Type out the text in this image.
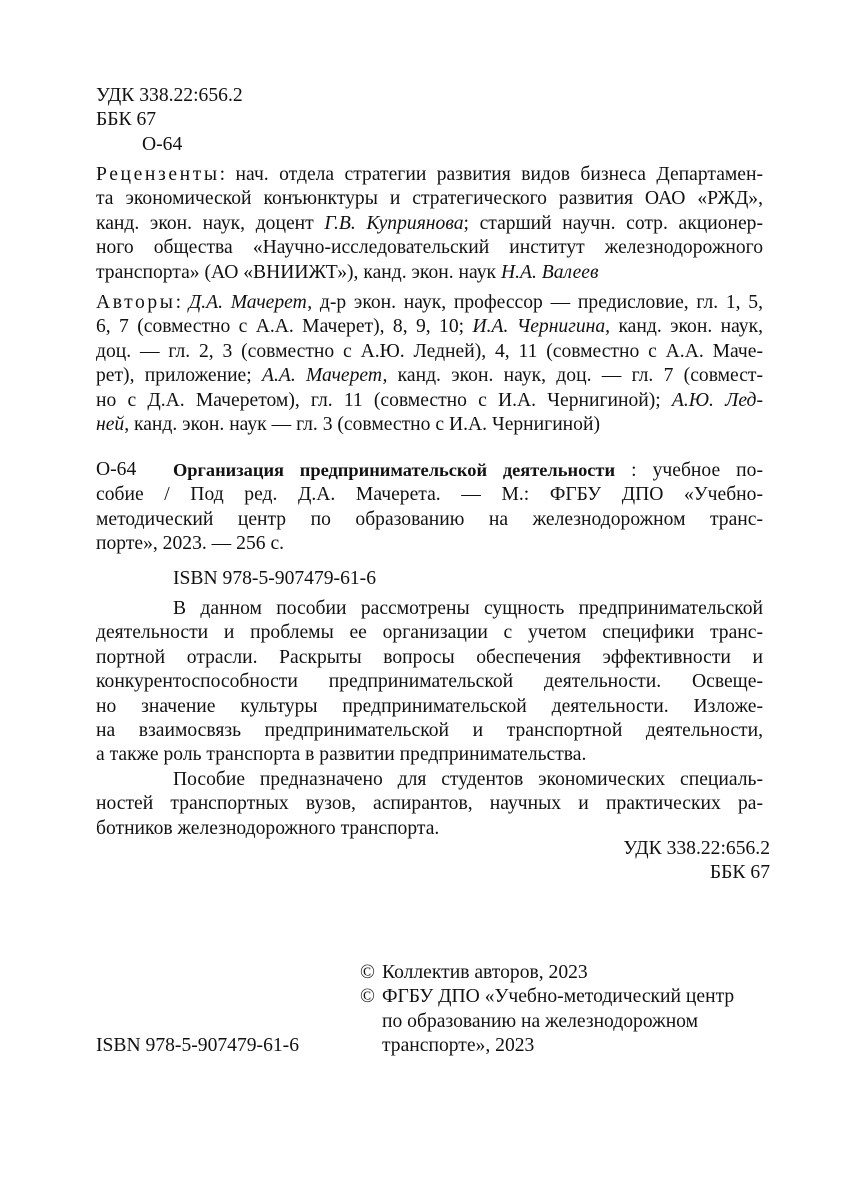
УДК 338.22:656.2

ББК 67

О-64

Рецензенты: нач. отдела стратегии развития видов бизнеса Департамен-

та экономической конъюнктуры и стратегического развития ОАО «РЖД»,

канд. экон. наук, доцент Г.В. Куприянова; старший научн. сотр. акционер-

ного общества «Научно-исследовательский институт железнодорожного

транспорта» (АО «ВНИИЖТ»), канд. экон. наук Н.А. Валеев

Авторы: Д.А. Мачерет, д-р экон. наук, профессор — предисловие, гл. 1, 5,

6, 7 (совместно с А.А. Мачерет), 8, 9, 10; И.А. Чернигина, канд. экон. наук,

доц. — гл. 2, 3 (совместно с А.Ю. Ледней), 4, 11 (совместно с А.А. Маче-

рет), приложение; А.А. Мачерет, канд. экон. наук, доц. — гл. 7 (совмест-

но с Д.А. Мачеретом), гл. 11 (совместно с И.А. Чернигиной); А.Ю. Лед-

ней, канд. экон. наук — гл. 3 (совместно с И.А. Чернигиной)

О-64 Организация предпринимательской деятельности : учебное по-

собие / Под ред. Д.А. Мачерета. — М.: ФГБУ ДПО «Учебно-

методический центр по образованию на железнодорожном транс-

порте», 2023. — 256 с.

ISBN 978-5-907479-61-6

В данном пособии рассмотрены сущность предпринимательской

деятельности и проблемы ее организации с учетом специфики транс-

портной отрасли. Раскрыты вопросы обеспечения эффективности и

конкурентоспособности предпринимательской деятельности. Освеще-

но значение культуры предпринимательской деятельности. Изложе-

на взаимосвязь предпринимательской и транспортной деятельности,

а также роль транспорта в развитии предпринимательства.

Пособие предназначено для студентов экономических специаль-

ностей транспортных вузов, аспирантов, научных и практических ра-

ботников железнодорожного транспорта.

УДК 338.22:656.2

ББК 67

© Коллектив авторов, 2023

© ФГБУ ДПО «Учебно-методический центр

по образованию на железнодорожном

транспорте», 2023

ISBN 978-5-907479-61-6
